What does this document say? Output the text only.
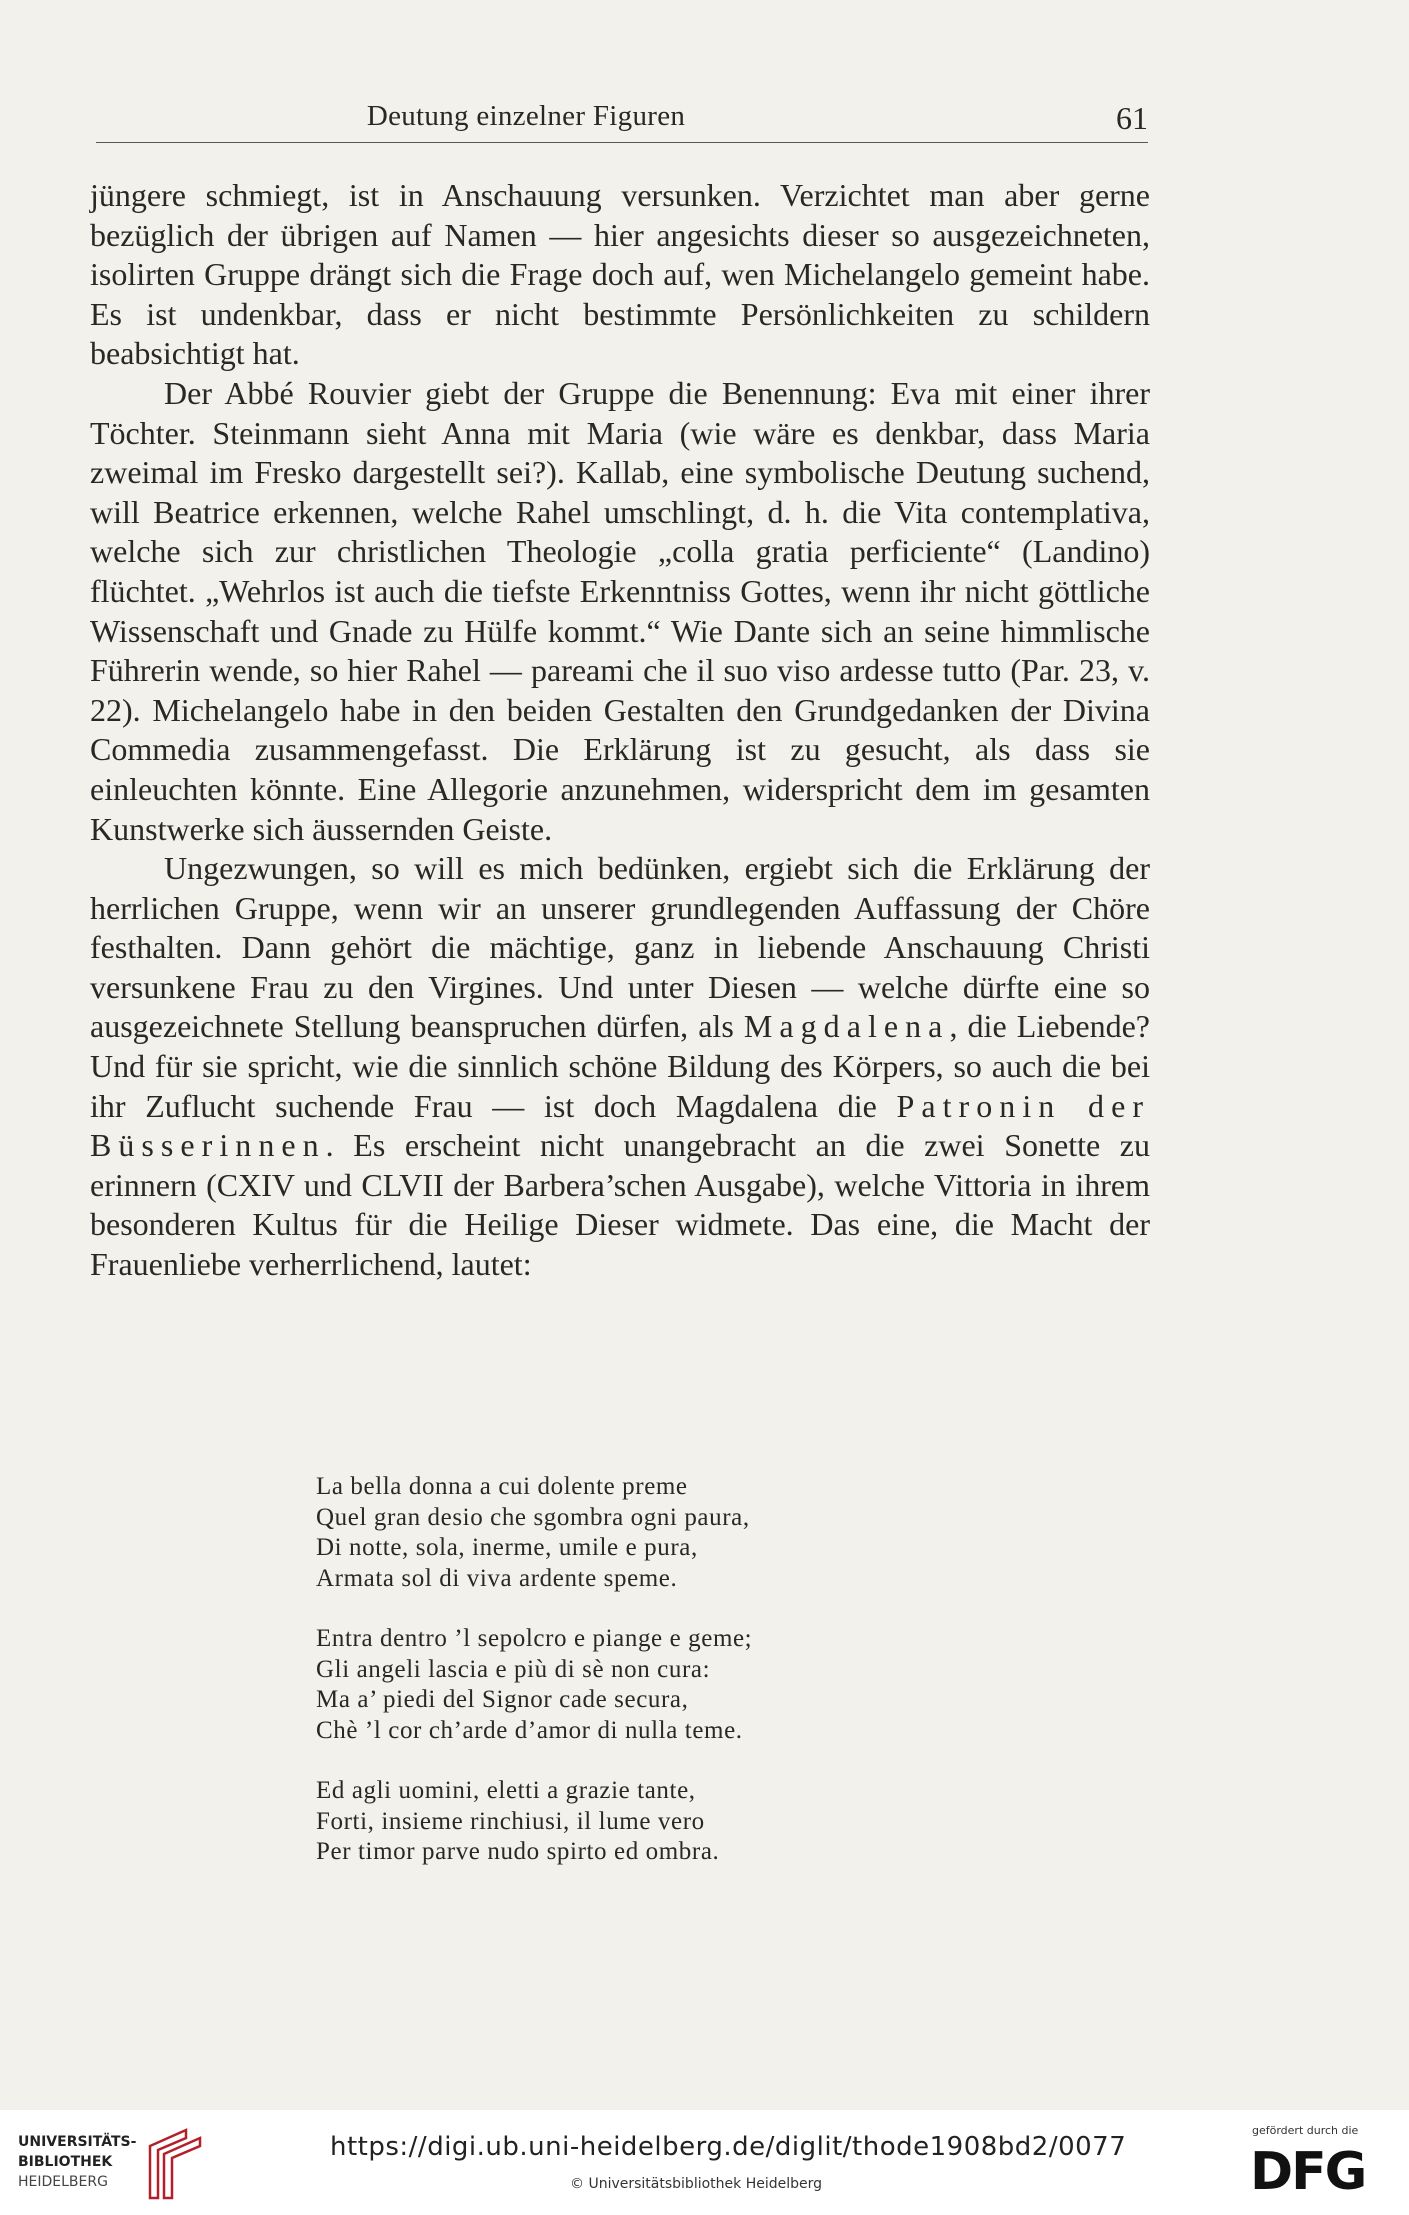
Deutung einzelner Figuren	61

jüngere schmiegt, ist in Anschauung versunken. Verzichtet man aber gerne bezüglich der übrigen auf Namen — hier angesichts dieser so ausgezeichneten, isolirten Gruppe drängt sich die Frage doch auf, wen Michelangelo gemeint habe. Es ist undenkbar, dass er nicht bestimmte Persönlichkeiten zu schildern beabsichtigt hat.

Der Abbé Rouvier giebt der Gruppe die Benennung: Eva mit einer ihrer Töchter. Steinmann sieht Anna mit Maria (wie wäre es denkbar, dass Maria zweimal im Fresko dargestellt sei?). Kallab, eine symbolische Deutung suchend, will Beatrice erkennen, welche Rahel umschlingt, d. h. die Vita contemplativa, welche sich zur christlichen Theologie „colla gratia perficiente“ (Landino) flüchtet. „Wehrlos ist auch die tiefste Erkenntniss Gottes, wenn ihr nicht göttliche Wissenschaft und Gnade zu Hülfe kommt.“ Wie Dante sich an seine himmlische Führerin wende, so hier Rahel — pareami che il suo viso ardesse tutto (Par. 23, v. 22). Michelangelo habe in den beiden Gestalten den Grundgedanken der Divina Commedia zusammengefasst. Die Erklärung ist zu gesucht, als dass sie einleuchten könnte. Eine Allegorie anzunehmen, widerspricht dem im gesamten Kunstwerke sich äussernden Geiste.

Ungezwungen, so will es mich bedünken, ergiebt sich die Erklärung der herrlichen Gruppe, wenn wir an unserer grundlegenden Auffassung der Chöre festhalten. Dann gehört die mächtige, ganz in liebende Anschauung Christi versunkene Frau zu den Virgines. Und unter Diesen — welche dürfte eine so ausgezeichnete Stellung beanspruchen dürfen, als Magdalena, die Liebende? Und für sie spricht, wie die sinnlich schöne Bildung des Körpers, so auch die bei ihr Zuflucht suchende Frau — ist doch Magdalena die Patronin der Büsserinnen. Es erscheint nicht unangebracht an die zwei Sonette zu erinnern (CXIV und CLVII der Barbera’schen Ausgabe), welche Vittoria in ihrem besonderen Kultus für die Heilige Dieser widmete. Das eine, die Macht der Frauenliebe verherrlichend, lautet:

La bella donna a cui dolente preme
Quel gran desio che sgombra ogni paura,
Di notte, sola, inerme, umile e pura,
Armata sol di viva ardente speme.
Entra dentro ’l sepolcro e piange e geme;
Gli angeli lascia e più di sè non cura:
Ma a’ piedi del Signor cade secura,
Chè ’l cor ch’arde d’amor di nulla teme.
Ed agli uomini, eletti a grazie tante,
Forti, insieme rinchiusi, il lume vero
Per timor parve nudo spirto ed ombra.
UNIVERSITÄTS-
BIBLIOTHEK
HEIDELBERG
https://digi.ub.uni-heidelberg.de/diglit/thode1908bd2/0077
© Universitätsbibliothek Heidelberg
gefördert durch die
DFG
